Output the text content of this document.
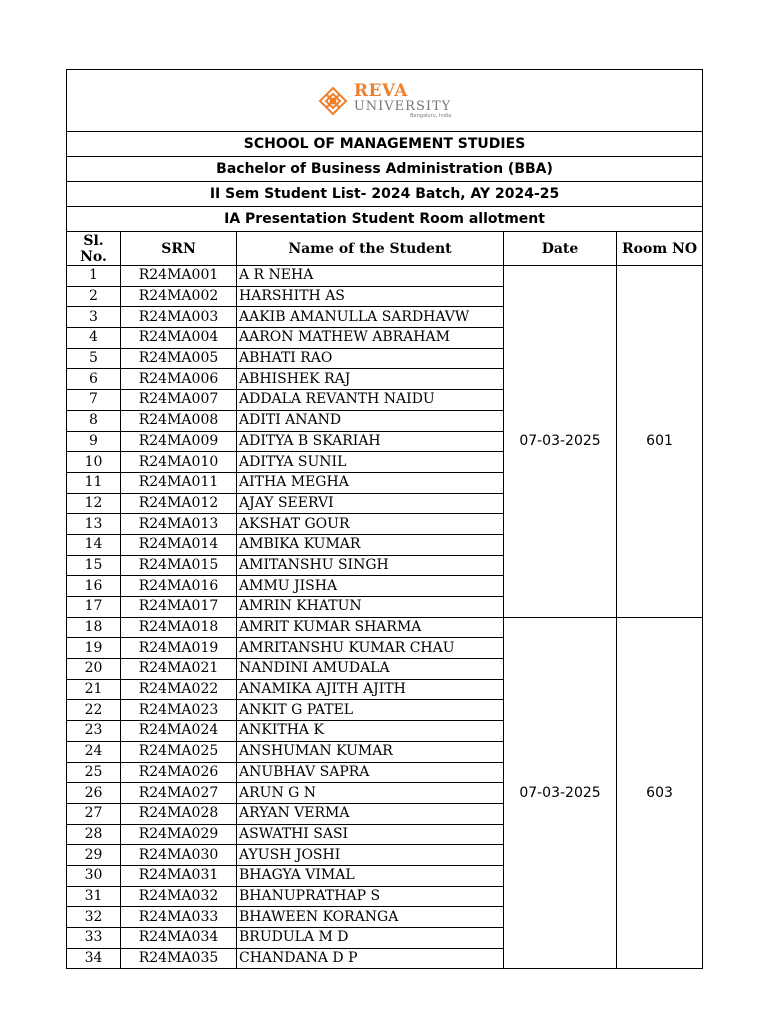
REVA
UNIVERSITY
Bengaluru, India				

SCHOOL OF MANAGEMENT STUDIES				
Bachelor of Business Administration (BBA)				
II Sem Student List- 2024 Batch, AY 2024-25				
IA Presentation Student Room allotment				
Sl.
No.	SRN	Name of the Student	Date	Room NO
1	R24MA001	A R NEHA	07-03-2025	601
2	R24MA002	HARSHITH AS		
3	R24MA003	AAKIB AMANULLA SARDHAVW		
4	R24MA004	AARON MATHEW ABRAHAM		
5	R24MA005	ABHATI RAO		
6	R24MA006	ABHISHEK RAJ		
7	R24MA007	ADDALA REVANTH NAIDU		
8	R24MA008	ADITI ANAND		
9	R24MA009	ADITYA B SKARIAH		
10	R24MA010	ADITYA SUNIL		
11	R24MA011	AITHA MEGHA		
12	R24MA012	AJAY SEERVI		
13	R24MA013	AKSHAT GOUR		
14	R24MA014	AMBIKA KUMAR		
15	R24MA015	AMITANSHU SINGH		
16	R24MA016	AMMU JISHA		
17	R24MA017	AMRIN KHATUN		
18	R24MA018	AMRIT KUMAR SHARMA	07-03-2025	603
19	R24MA019	AMRITANSHU KUMAR CHAU		
20	R24MA021	NANDINI AMUDALA		
21	R24MA022	ANAMIKA AJITH AJITH		
22	R24MA023	ANKIT G PATEL		
23	R24MA024	ANKITHA K		
24	R24MA025	ANSHUMAN KUMAR		
25	R24MA026	ANUBHAV SAPRA		
26	R24MA027	ARUN G N		
27	R24MA028	ARYAN VERMA		
28	R24MA029	ASWATHI SASI		
29	R24MA030	AYUSH JOSHI		
30	R24MA031	BHAGYA VIMAL		
31	R24MA032	BHANUPRATHAP S		
32	R24MA033	BHAWEEN KORANGA		
33	R24MA034	BRUDULA M D		
34	R24MA035	CHANDANA D P		
